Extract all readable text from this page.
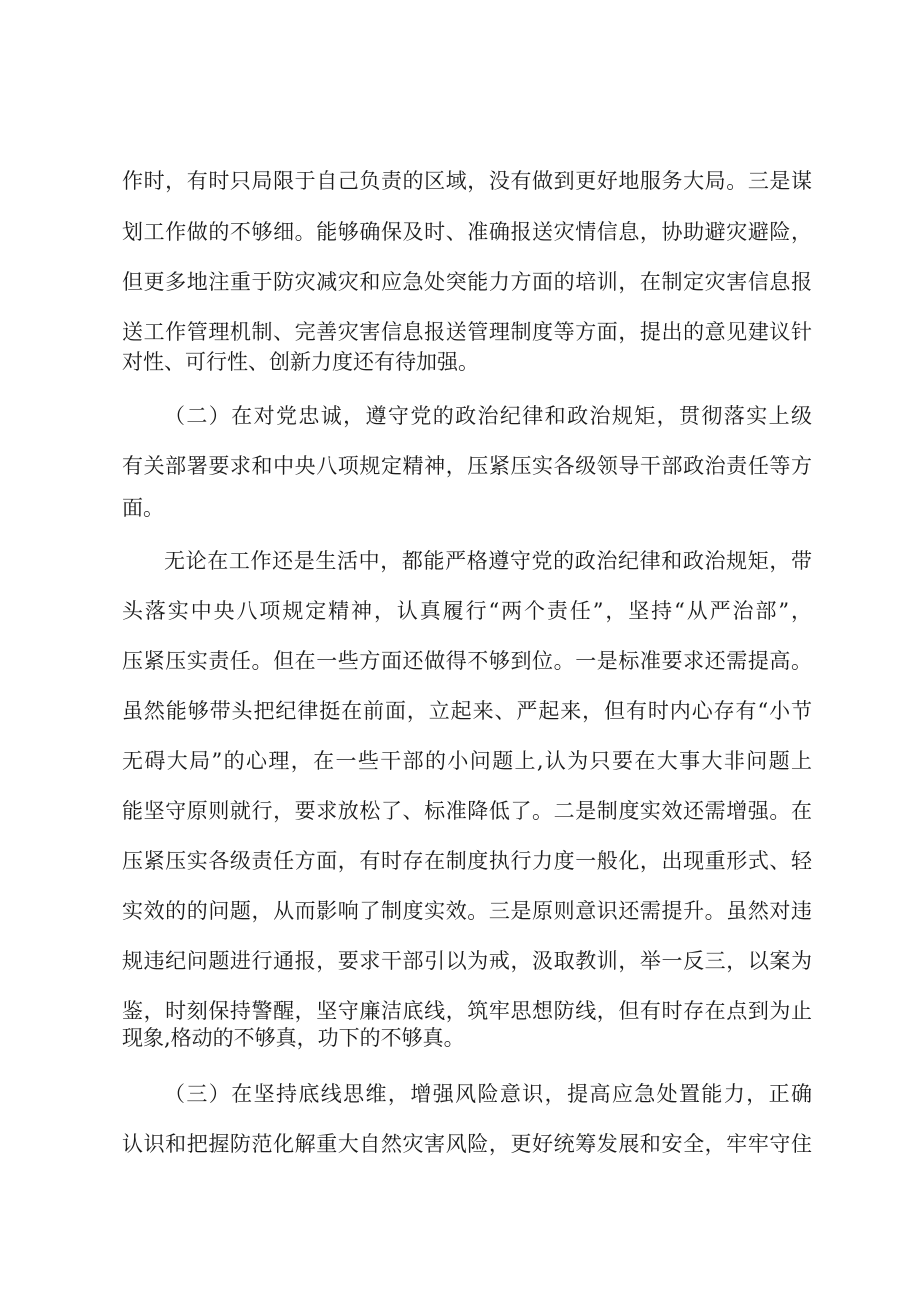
作时，有时只局限于自己负责的区域，没有做到更好地服务大局。三是谋
划工作做的不够细。能够确保及时、准确报送灾情信息，协助避灾避险，
但更多地注重于防灾减灾和应急处突能力方面的培训，在制定灾害信息报
送工作管理机制、完善灾害信息报送管理制度等方面，提出的意见建议针
对性、可行性、创新力度还有待加强。
（二）在对党忠诚，遵守党的政治纪律和政治规矩，贯彻落实上级
有关部署要求和中央八项规定精神，压紧压实各级领导干部政治责任等方
面。
无论在工作还是生活中，都能严格遵守党的政治纪律和政治规矩，带
头落实中央八项规定精神，认真履行“两个责任”，坚持“从严治部”，
压紧压实责任。但在一些方面还做得不够到位。一是标准要求还需提高。
虽然能够带头把纪律挺在前面，立起来、严起来，但有时内心存有“小节
无碍大局”的心理，在一些干部的小问题上,认为只要在大事大非问题上
能坚守原则就行，要求放松了、标准降低了。二是制度实效还需增强。在
压紧压实各级责任方面，有时存在制度执行力度一般化，出现重形式、轻
实效的的问题，从而影响了制度实效。三是原则意识还需提升。虽然对违
规违纪问题进行通报，要求干部引以为戒，汲取教训，举一反三，以案为
鉴，时刻保持警醒，坚守廉洁底线，筑牢思想防线，但有时存在点到为止
现象,格动的不够真，功下的不够真。
（三）在坚持底线思维，增强风险意识，提高应急处置能力，正确
认识和把握防范化解重大自然灾害风险，更好统筹发展和安全，牢牢守住
